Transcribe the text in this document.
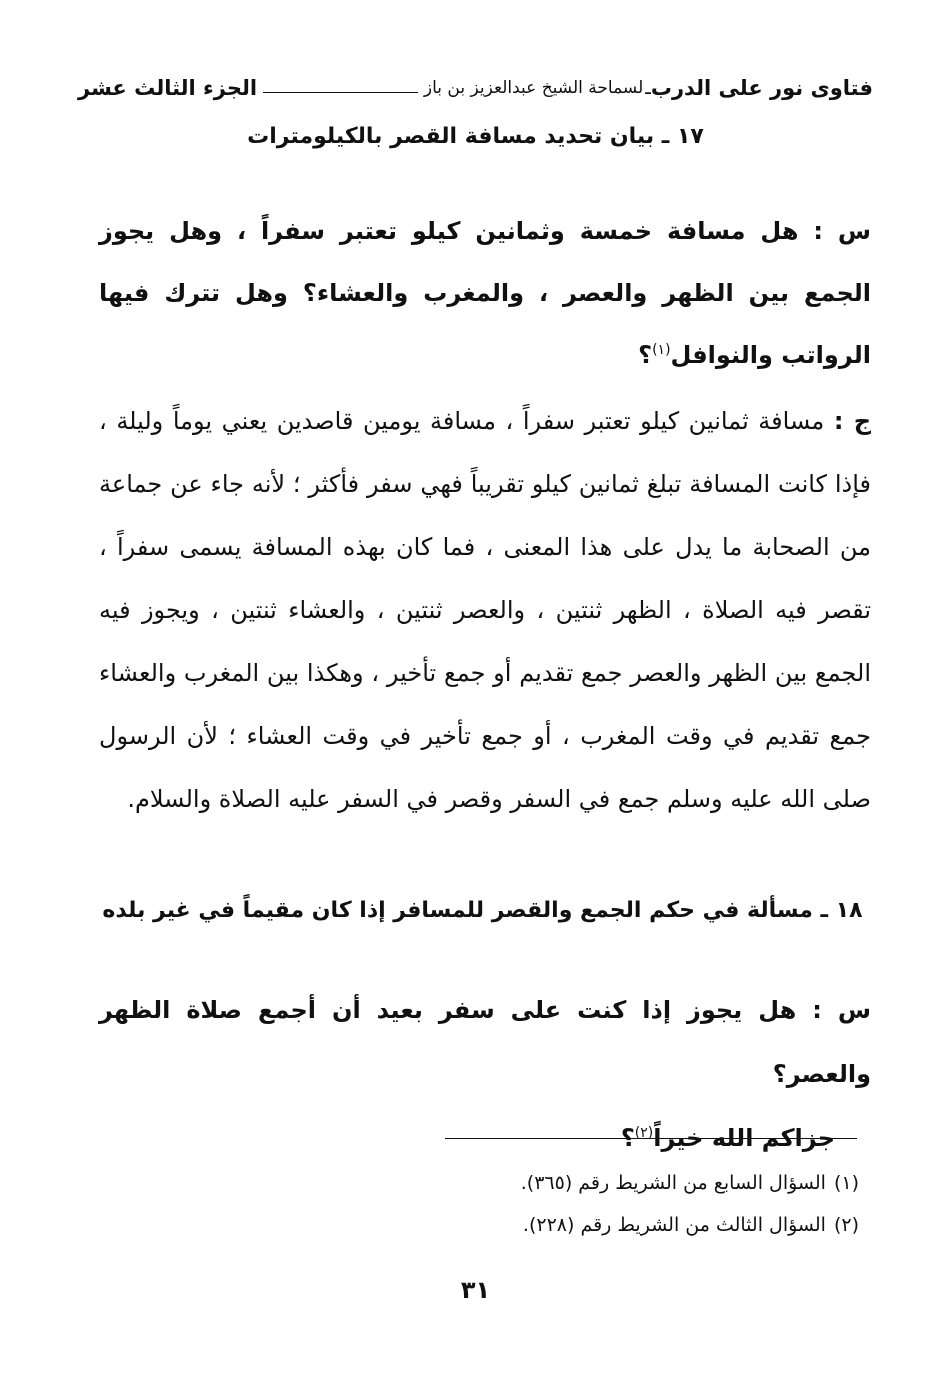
فتاوى نور على الدرب
ـ
لسماحة الشيخ عبدالعزيز بن باز
الجزء الثالث عشر
١٧ ـ بيان تحديد مسافة القصر بالكيلومترات

س : هل مسافة خمسة وثمانين كيلو تعتبر سفراً ، وهل يجوز الجمع بين الظهر والعصر ، والمغرب والعشاء؟ وهل تترك فيها الرواتب والنوافل$^{(١)}$؟

ج : مسافة ثمانين كيلو تعتبر سفراً ، مسافة يومين قاصدين يعني يوماً وليلة ، فإذا كانت المسافة تبلغ ثمانين كيلو تقريباً فهي سفر فأكثر ؛ لأنه جاء عن جماعة من الصحابة ما يدل على هذا المعنى ، فما كان بهذه المسافة يسمى سفراً ، تقصر فيه الصلاة ، الظهر ثنتين ، والعصر ثنتين ، والعشاء ثنتين ، ويجوز فيه الجمع بين الظهر والعصر جمع تقديم أو جمع تأخير ، وهكذا بين المغرب والعشاء جمع تقديم في وقت المغرب ، أو جمع تأخير في وقت العشاء ؛ لأن الرسول صلى الله عليه وسلم جمع في السفر وقصر في السفر عليه الصلاة والسلام.

١٨ ـ مسألة في حكم الجمع والقصر للمسافر إذا كان مقيماً في غير بلده

س : هل يجوز إذا كنت على سفر بعيد أن أجمع صلاة الظهر والعصر؟
جزاكم الله خيراً$^{(٢)}$؟

(١)السؤال السابع من الشريط رقم (٣٦٥).
(٢)السؤال الثالث من الشريط رقم (٢٢٨).
٣١
